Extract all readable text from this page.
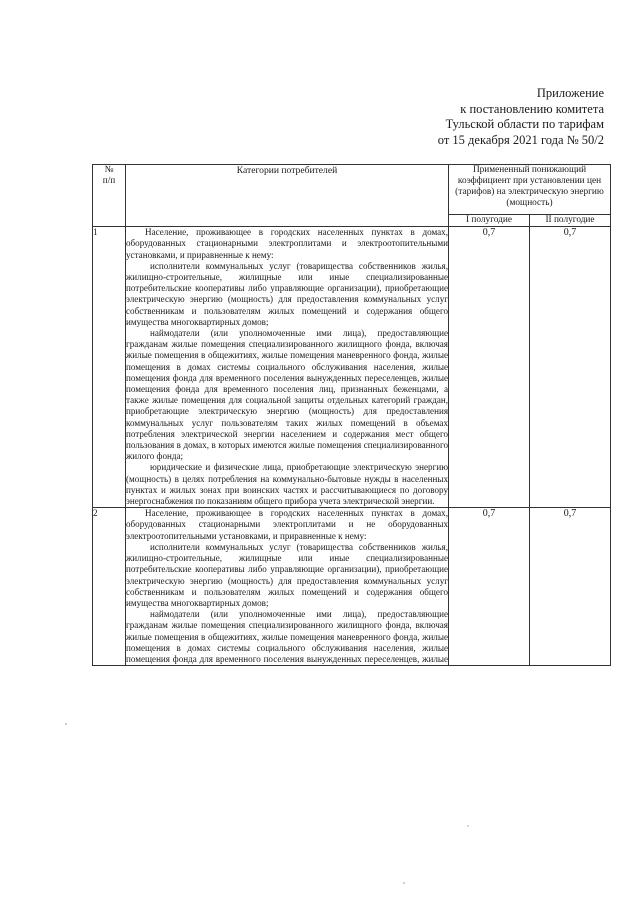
Приложение
к постановлению комитета
Тульской области по тарифам
от 15 декабря 2021 года № 50/2
№
п/п	Категории потребителей	Примененный понижающий коэффициент при установлении цен (тарифов) на электрическую энергию (мощность)	
		I полугодие	II полугодие
1	Население, проживающее в городских населенных пунктах в домах, оборудованных стационарными электроплитами и электроотопительными установками, и приравненные к нему:

исполнители коммунальных услуг (товарищества собственников жилья, жилищно-строительные, жилищные или иные специализированные потребительские кооперативы либо управляющие организации), приобретающие электрическую энергию (мощность) для предоставления коммунальных услуг собственникам и пользователям жилых помещений и содержания общего имущества многоквартирных домов;

наймодатели (или уполномоченные ими лица), предоставляющие гражданам жилые помещения специализированного жилищного фонда, включая жилые помещения в общежитиях, жилые помещения маневренного фонда, жилые помещения в домах системы социального обслуживания населения, жилые помещения фонда для временного поселения вынужденных переселенцев, жилые помещения фонда для временного поселения лиц, признанных беженцами, а также жилые помещения для социальной защиты отдельных категорий граждан, приобретающие электрическую энергию (мощность) для предоставления коммунальных услуг пользователям таких жилых помещений в объемах потребления электрической энергии населением и содержания мест общего пользования в домах, в которых имеются жилые помещения специализированного жилого фонда;

юридические и физические лица, приобретающие электрическую энергию (мощность) в целях потребления на коммунально-бытовые нужды в населенных пунктах и жилых зонах при воинских частях и рассчитывающиеся по договору энергоснабжения по показаниям общего прибора учета электрической энергии.	0,7	0,7
2	Население, проживающее в городских населенных пунктах в домах, оборудованных стационарными электроплитами и не оборудованных электроотопительными установками, и приравненные к нему:

исполнители коммунальных услуг (товарищества собственников жилья, жилищно-строительные, жилищные или иные специализированные потребительские кооперативы либо управляющие организации), приобретающие электрическую энергию (мощность) для предоставления коммунальных услуг собственникам и пользователям жилых помещений и содержания общего имущества многоквартирных домов;

наймодатели (или уполномоченные ими лица), предоставляющие гражданам жилые помещения специализированного жилищного фонда, включая жилые помещения в общежитиях, жилые помещения маневренного фонда, жилые помещения в домах системы социального обслуживания населения, жилые помещения фонда для временного поселения вынужденных переселенцев, жилые	0,7	0,7
